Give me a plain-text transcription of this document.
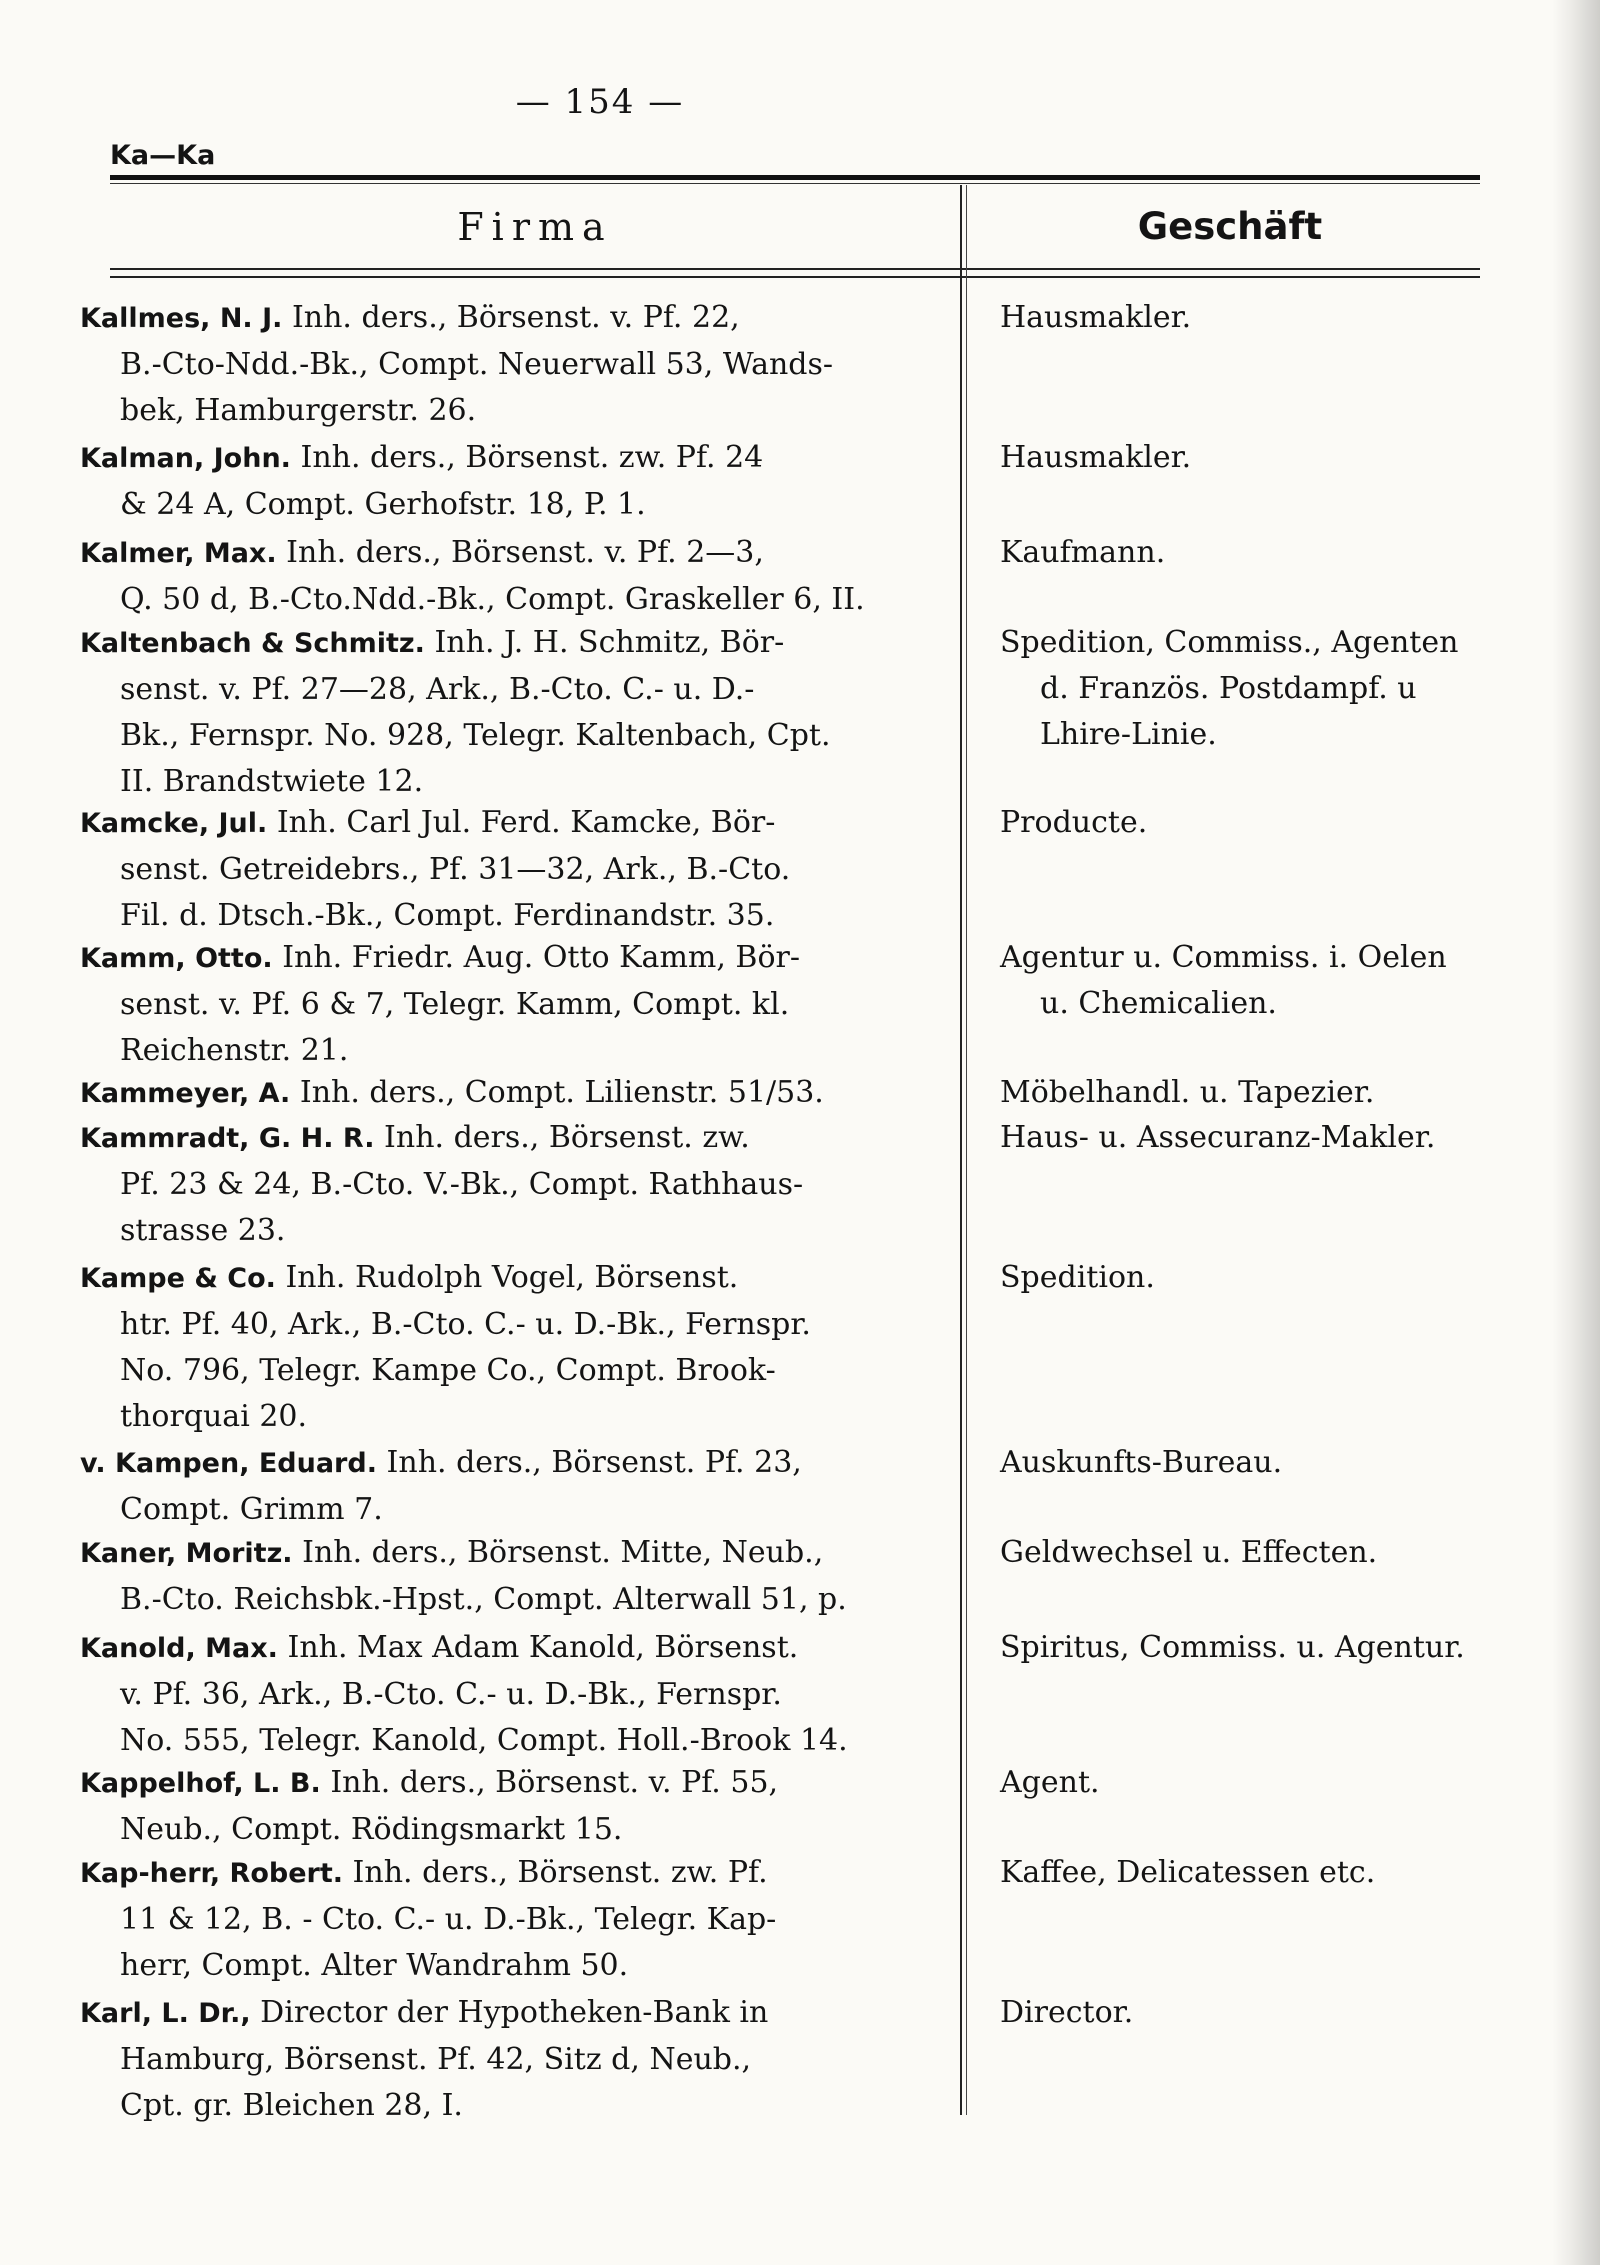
— 154 —
Ka—Ka
Firma	Geschäft
Kallmes, N. J. Inh. ders., Börsenst. v. Pf. 22,
B.-Cto-Ndd.-Bk., Compt. Neuerwall 53, Wands-
bek, Hamburgerstr. 26.
Hausmakler.
Kalman, John. Inh. ders., Börsenst. zw. Pf. 24
& 24 A, Compt. Gerhofstr. 18, P. 1.
Hausmakler.
Kalmer, Max. Inh. ders., Börsenst. v. Pf. 2—3,
Q. 50 d, B.-Cto.Ndd.-Bk., Compt. Graskeller 6, II.
Kaufmann.
Kaltenbach & Schmitz. Inh. J. H. Schmitz, Bör-
senst. v. Pf. 27—28, Ark., B.-Cto. C.- u. D.-
Bk., Fernspr. No. 928, Telegr. Kaltenbach, Cpt.
II. Brandstwiete 12.
Spedition, Commiss., Agenten
d. Französ. Postdampf. u
Lhire-Linie.
Kamcke, Jul. Inh. Carl Jul. Ferd. Kamcke, Bör-
senst. Getreidebrs., Pf. 31—32, Ark., B.-Cto.
Fil. d. Dtsch.-Bk., Compt. Ferdinandstr. 35.
Producte.
Kamm, Otto. Inh. Friedr. Aug. Otto Kamm, Bör-
senst. v. Pf. 6 & 7, Telegr. Kamm, Compt. kl.
Reichenstr. 21.
Agentur u. Commiss. i. Oelen
u. Chemicalien.
Kammeyer, A. Inh. ders., Compt. Lilienstr. 51/53.	Möbelhandl. u. Tapezier.
Kammradt, G. H. R. Inh. ders., Börsenst. zw.
Pf. 23 & 24, B.-Cto. V.-Bk., Compt. Rathhaus-
strasse 23.
Haus- u. Assecuranz-Makler.
Kampe & Co. Inh. Rudolph Vogel, Börsenst.
htr. Pf. 40, Ark., B.-Cto. C.- u. D.-Bk., Fernspr.
No. 796, Telegr. Kampe Co., Compt. Brook-
thorquai 20.
Spedition.
v. Kampen, Eduard. Inh. ders., Börsenst. Pf. 23,
Compt. Grimm 7.
Auskunfts-Bureau.
Kaner, Moritz. Inh. ders., Börsenst. Mitte, Neub.,
B.-Cto. Reichsbk.-Hpst., Compt. Alterwall 51, p.
Geldwechsel u. Effecten.
Kanold, Max. Inh. Max Adam Kanold, Börsenst.
v. Pf. 36, Ark., B.-Cto. C.- u. D.-Bk., Fernspr.
No. 555, Telegr. Kanold, Compt. Holl.-Brook 14.
Spiritus, Commiss. u. Agentur.
Kappelhof, L. B. Inh. ders., Börsenst. v. Pf. 55,
Neub., Compt. Rödingsmarkt 15.
Agent.
Kap-herr, Robert. Inh. ders., Börsenst. zw. Pf.
11 & 12, B. - Cto. C.- u. D.-Bk., Telegr. Kap-
herr, Compt. Alter Wandrahm 50.
Kaffee, Delicatessen etc.
Karl, L. Dr., Director der Hypotheken-Bank in
Hamburg, Börsenst. Pf. 42, Sitz d, Neub.,
Cpt. gr. Bleichen 28, I.
Director.
